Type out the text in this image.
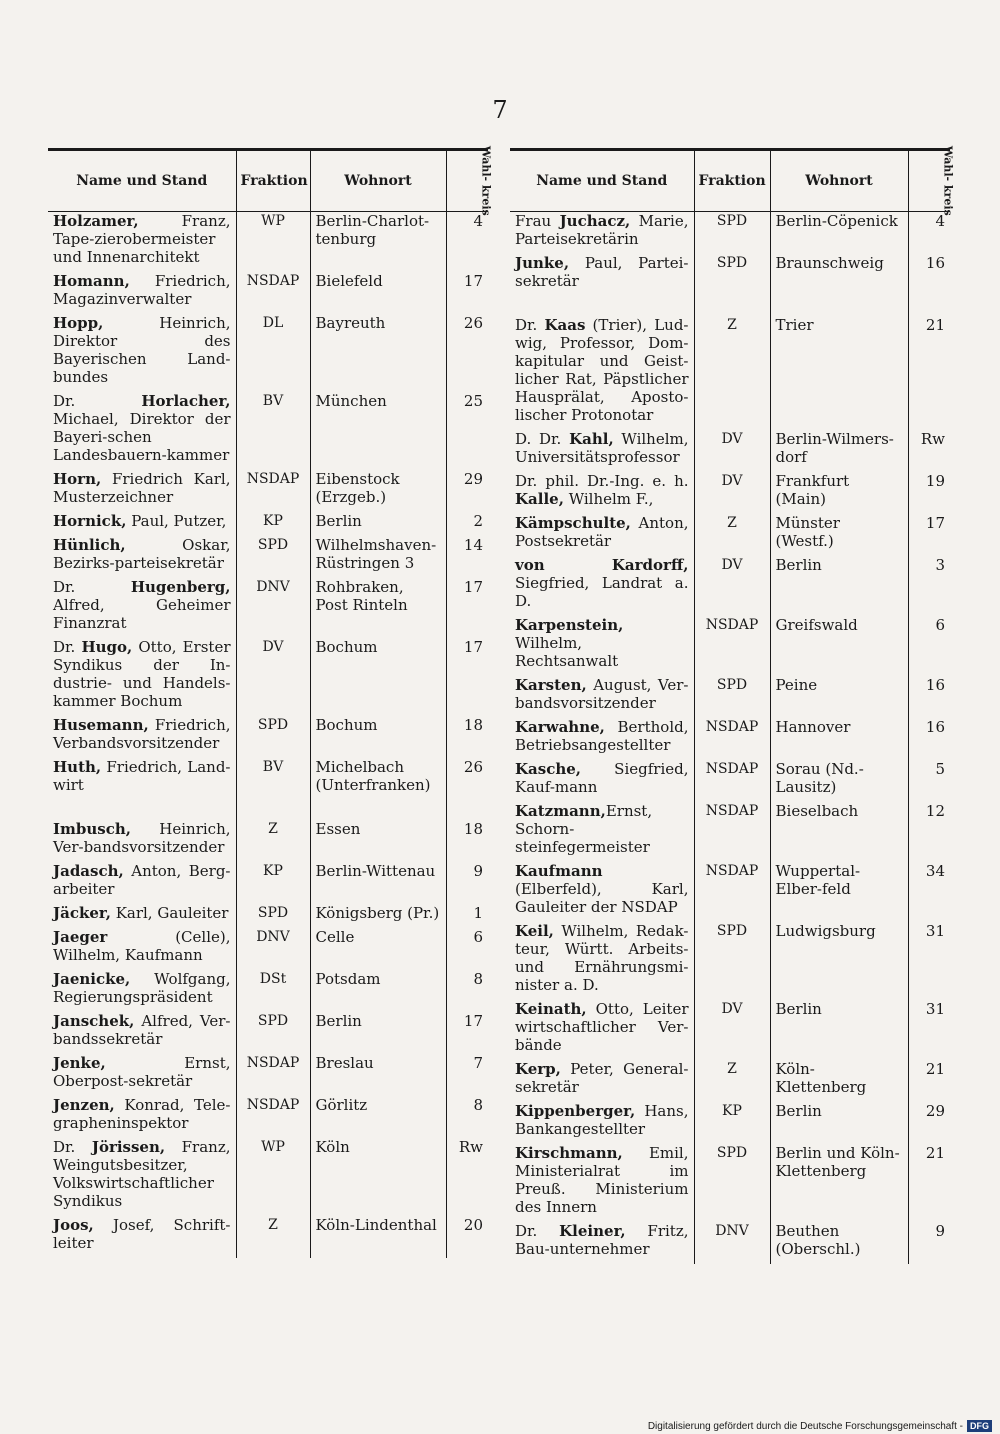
7
Name und Stand	Fraktion	Wohnort	Wahl- kreis
Holzamer, Franz, Tape-zierobermeister und Innenarchitekt	WP	Berlin-Charlot-tenburg	4
Homann, Friedrich, Magazinverwalter	NSDAP	Bielefeld	17
Hopp, Heinrich, Direktor des Bayerischen Land-bundes	DL	Bayreuth	26
Dr. Horlacher, Michael, Direktor der Bayeri-schen Landesbauern-kammer	BV	München	25
Horn, Friedrich Karl, Musterzeichner	NSDAP	Eibenstock (Erzgeb.)	29
Hornick, Paul, Putzer,	KP	Berlin	2
Hünlich, Oskar, Bezirks-parteisekretär	SPD	Wilhelmshaven-Rüstringen 3	14
Dr. Hugenberg, Alfred, Geheimer Finanzrat	DNV	Rohbraken, Post Rinteln	17
Dr. Hugo, Otto, Erster Syndikus der In-dustrie- und Handels-kammer Bochum	DV	Bochum	17
Husemann, Friedrich, Verbandsvorsitzender	SPD	Bochum	18
Huth, Friedrich, Land-wirt	BV	Michelbach (Unterfranken)	26

Imbusch, Heinrich, Ver-bandsvorsitzender	Z	Essen	18
Jadasch, Anton, Berg-arbeiter	KP	Berlin-Wittenau	9
Jäcker, Karl, Gauleiter	SPD	Königsberg (Pr.)	1
Jaeger (Celle), Wilhelm, Kaufmann	DNV	Celle	6
Jaenicke, Wolfgang, Regierungspräsident	DSt	Potsdam	8
Janschek, Alfred, Ver-bandssekretär	SPD	Berlin	17
Jenke, Ernst, Oberpost-sekretär	NSDAP	Breslau	7
Jenzen, Konrad, Tele-grapheninspektor	NSDAP	Görlitz	8
Dr. Jörissen, Franz, Weingutsbesitzer, Volkswirtschaftlicher Syndikus	WP	Köln	Rw
Joos, Josef, Schrift-leiter	Z	Köln-Lindenthal	20
Name und Stand	Fraktion	Wohnort	Wahl- kreis
Frau Juchacz, Marie, Parteisekretärin	SPD	Berlin-Cöpenick	4
Junke, Paul, Partei-sekretär	SPD	Braunschweig	16

Dr. Kaas (Trier), Lud-wig, Professor, Dom-kapitular und Geist-licher Rat, Päpstlicher Hausprälat, Aposto-lischer Protonotar	Z	Trier	21
D. Dr. Kahl, Wilhelm, Universitätsprofessor	DV	Berlin-Wilmers-dorf	Rw
Dr. phil. Dr.-Ing. e. h. Kalle, Wilhelm F.,	DV	Frankfurt (Main)	19
Kämpschulte, Anton, Postsekretär	Z	Münster (Westf.)	17
von Kardorff, Siegfried, Landrat a. D.	DV	Berlin	3
Karpenstein, Wilhelm, Rechtsanwalt	NSDAP	Greifswald	6
Karsten, August, Ver-bandsvorsitzender	SPD	Peine	16
Karwahne, Berthold, Betriebsangestellter	NSDAP	Hannover	16
Kasche, Siegfried, Kauf-mann	NSDAP	Sorau (Nd.-Lausitz)	5
Katzmann,Ernst, Schorn-steinfegermeister	NSDAP	Bieselbach	12
Kaufmann (Elberfeld), Karl, Gauleiter der NSDAP	NSDAP	Wuppertal-Elber-feld	34
Keil, Wilhelm, Redak-teur, Württ. Arbeits- und Ernährungsmi-nister a. D.	SPD	Ludwigsburg	31
Keinath, Otto, Leiter wirtschaftlicher Ver-bände	DV	Berlin	31
Kerp, Peter, General-sekretär	Z	Köln-Klettenberg	21
Kippenberger, Hans, Bankangestellter	KP	Berlin	29
Kirschmann, Emil, Ministerialrat im Preuß. Ministerium des Innern	SPD	Berlin und Köln-Klettenberg	21
Dr. Kleiner, Fritz, Bau-unternehmer	DNV	Beuthen (Oberschl.)	9
Digitalisierung gefördert durch die Deutsche Forschungsgemeinschaft - DFG
